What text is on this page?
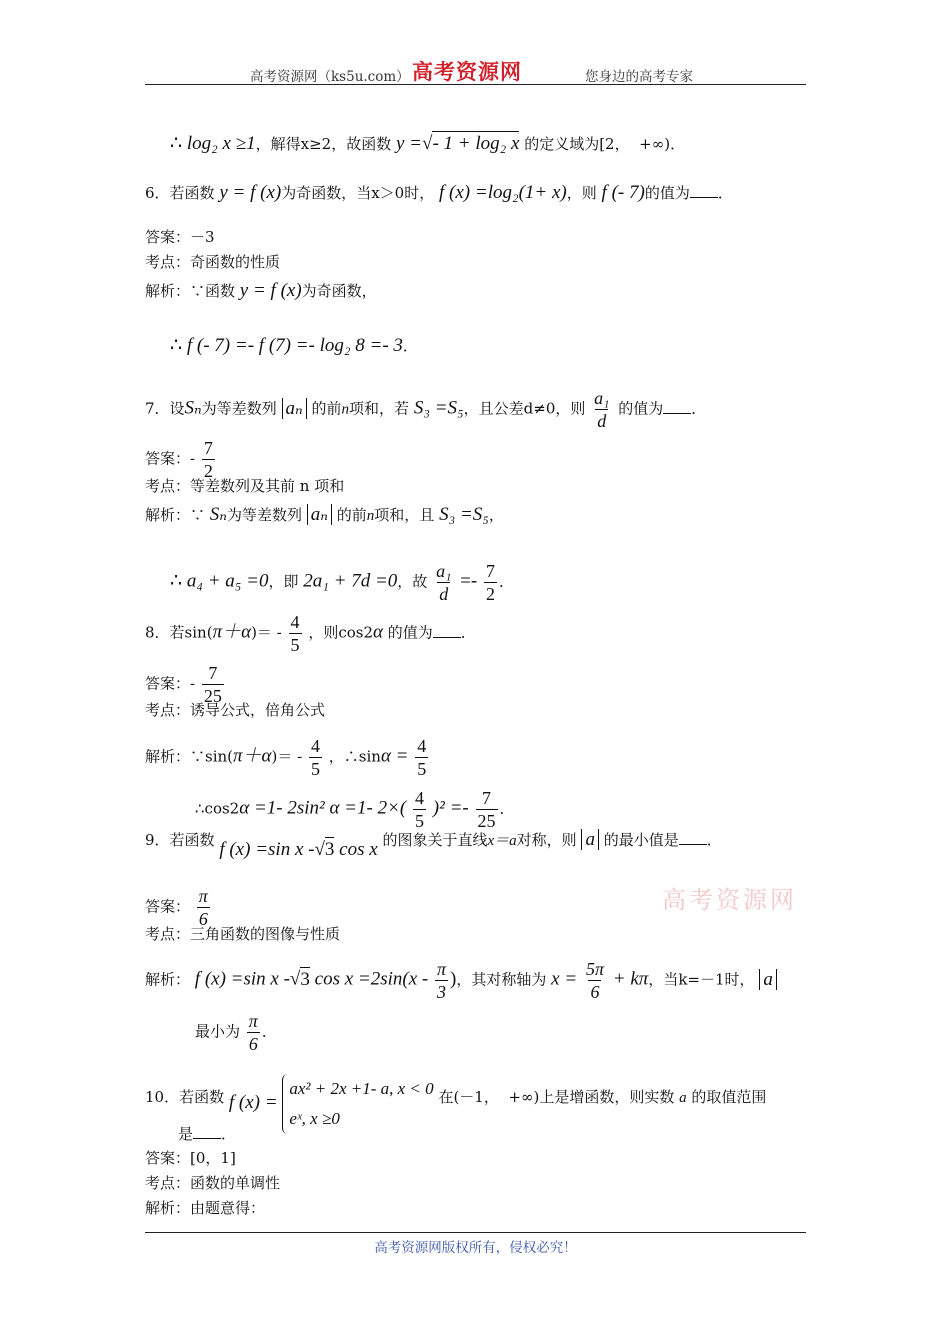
高考资源网（ks5u.com） 高考资源网	您身边的高考专家
高考资源网
∴ log₂ x ≥1，解得x≥2，故函数 y =√- 1 + log₂ x 的定义域为[2， +∞)．
6．若函数 y = f (x)为奇函数，当x＞0时， f (x) =log₂(1+ x)，则 f (- 7)的值为 ．
答案：－3
考点：奇函数的性质
解析：∵函数 y = f (x)为奇函数，
∴ f (- 7) =- f (7) =- log₂ 8 =- 3．
7．设Sₙ为等差数列 aₙ 的前n项和，若 S₃ =S₅，且公差d≠0，则 $\frac{\text{a₁}}{d}$ 的值为 ．
答案：- $\frac{7}{2}$
考点：等差数列及其前 n 项和
解析：∵ Sₙ为等差数列 aₙ 的前n项和，且 S₃ =S₅，
∴ a₄ + a₅ =0，即 2a₁ + 7d =0，故 $\frac{\text{a₁}}{d} =- \frac{7}{2}$ ．
8．若$\sin(\pi+\alpha)= - \frac{4}{5}$ ，则cos2α 的值为 ．
答案：- $\frac{7}{25}$
考点：诱导公式，倍角公式
解析：∵sin(π＋α)＝ - $\frac{4}{5}$ ，∴sinα = $\frac{4}{5}$
∴cos2α =1- 2sin² α =1- $2\times( \frac{4}{5} )^2 =- \frac{7}{25}$ ．
9．若函数 f (x) =sin x -√3 cos x 的图象关于直线x＝a对称，则 a 的最小值是 ．
答案： $\frac{\pi}{6}$
考点：三角函数的图像与性质
解析： f (x) =sin x -√3 $\cos x =2\sin(x - \frac{\pi}{3}$ )，其对称轴为 $x = \frac{5\pi}{6} + k\pi$，当k=－1时， a
最小为 $\frac{\pi}{6}$ ．
10．若函数 f (x) =
ax² + 2x +1- a, x < 0
eˣ, x ≥0
在(－1， +∞)上是增函数，则实数 a 的取值范围
是 ．
答案：[0，1]
考点：函数的单调性
解析：由题意得：
高考资源网版权所有，侵权必究！
